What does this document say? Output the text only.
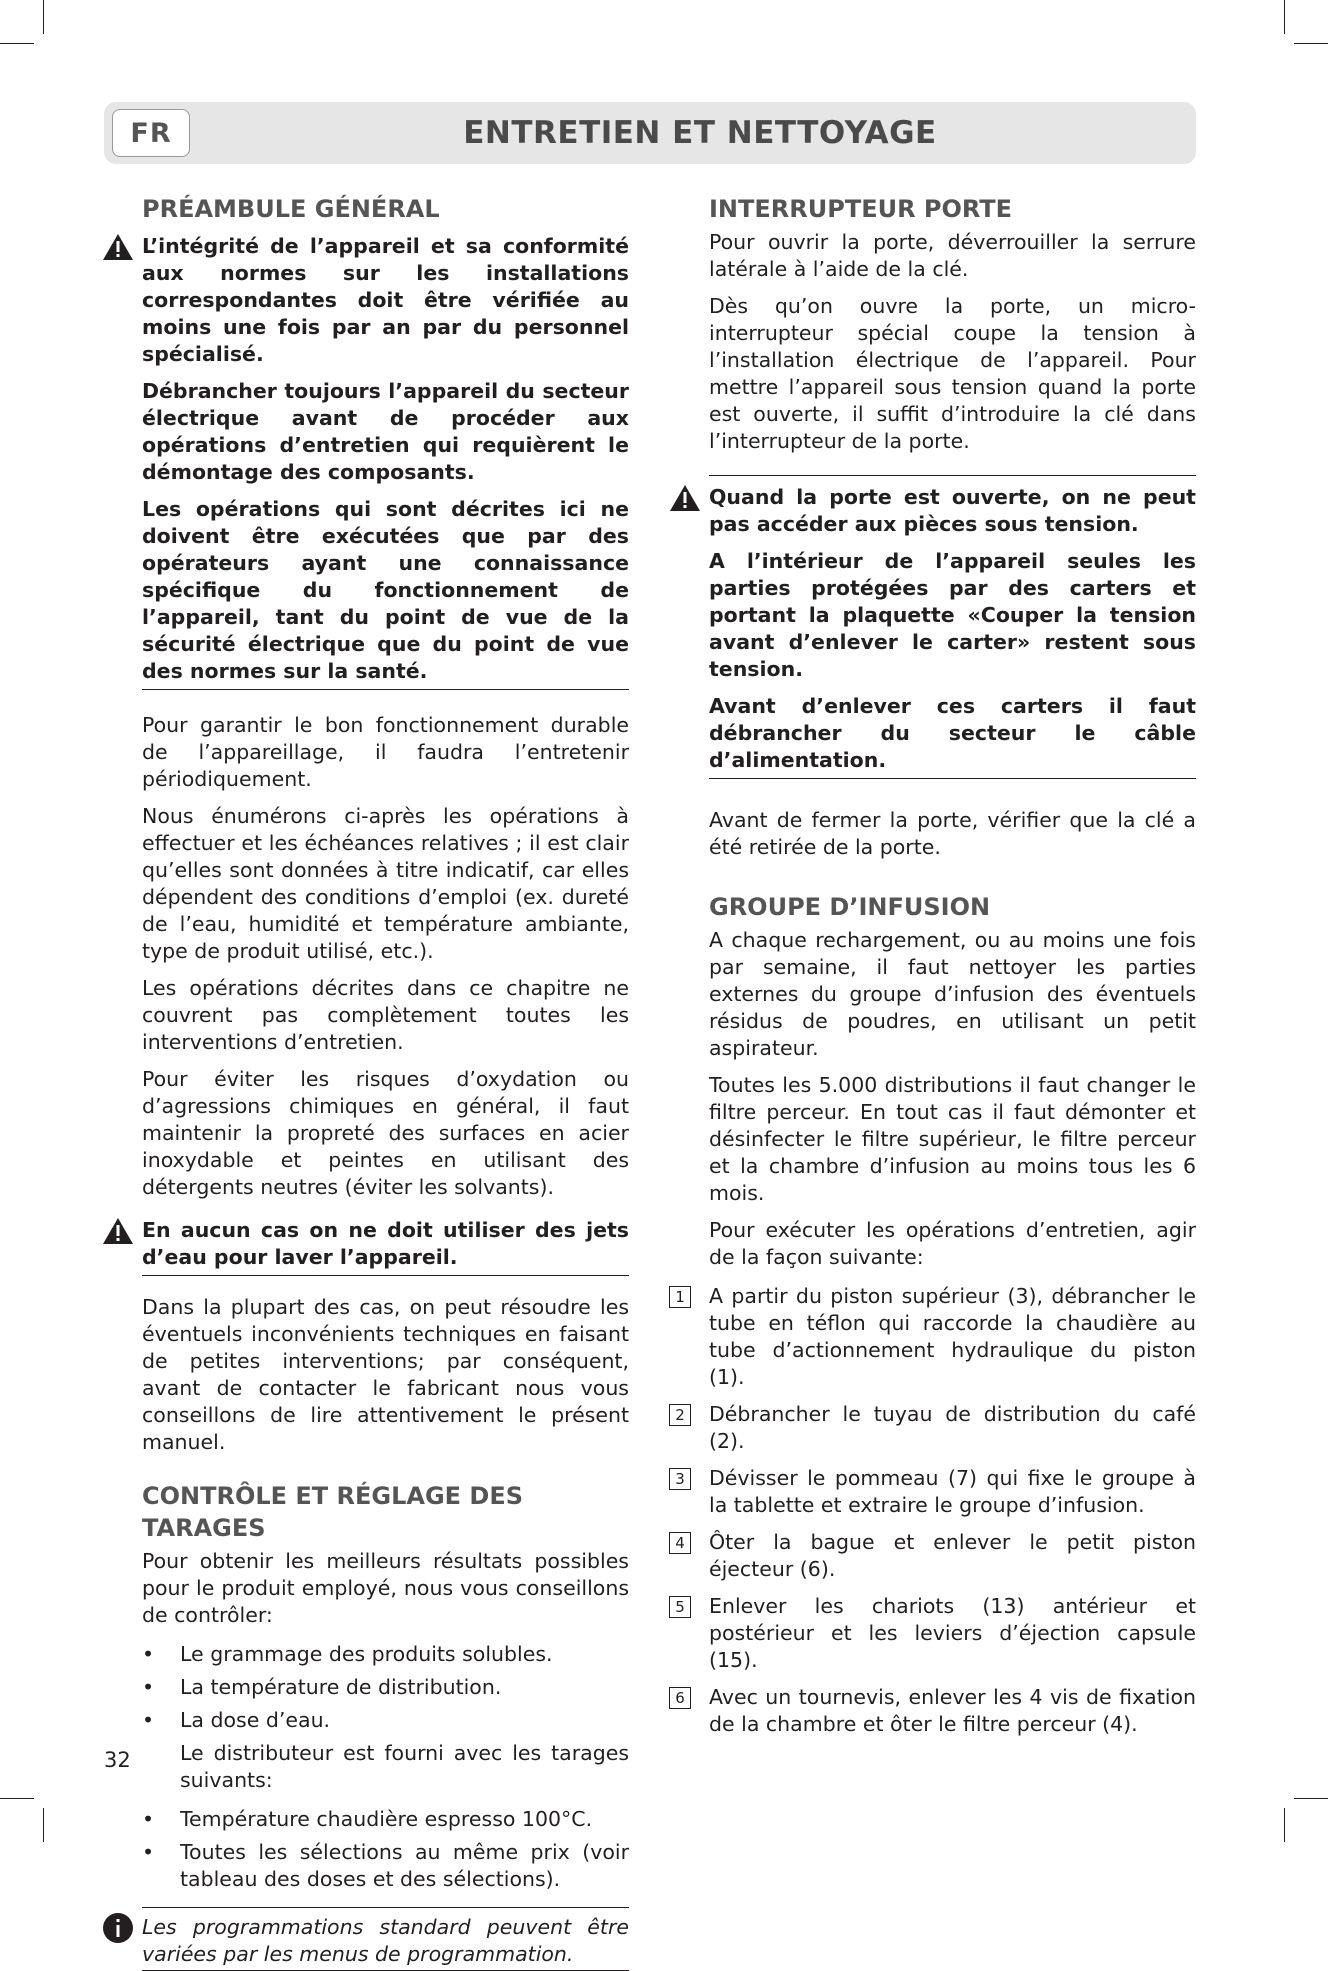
FR	ENTRETIEN ET NETTOYAGE
PRÉAMBULE GÉNÉRAL

L’intégrité de l’appareil et sa conformité aux normes sur les installations correspondantes doit être vérifiée au moins une fois par an par du personnel spécialisé.

Débrancher toujours l’appareil du secteur électrique avant de procéder aux opérations d’entretien qui requièrent le démontage des composants.

Les opérations qui sont décrites ici ne doivent être exécutées que par des opérateurs ayant une connaissance spécifique du fonctionnement de l’appareil, tant du point de vue de la sécurité électrique que du point de vue des normes sur la santé.

Pour garantir le bon fonctionnement durable de l’appareillage, il faudra l’entretenir périodiquement.

Nous énumérons ci-après les opérations à effectuer et les échéances relatives ; il est clair qu’elles sont données à titre indicatif, car elles dépendent des conditions d’emploi (ex. dureté de l’eau, humidité et température ambiante, type de produit utilisé, etc.).

Les opérations décrites dans ce chapitre ne couvrent pas complètement toutes les interventions d’entretien.

Pour éviter les risques d’oxydation ou d’agressions chimiques en général, il faut maintenir la propreté des surfaces en acier inoxydable et peintes en utilisant des détergents neutres (éviter les solvants).

En aucun cas on ne doit utiliser des jets d’eau pour laver l’appareil.

Dans la plupart des cas, on peut résoudre les éventuels inconvénients techniques en faisant de petites interventions; par conséquent, avant de contacter le fabricant nous vous conseillons de lire attentivement le présent manuel.

CONTRÔLE ET RÉGLAGE DES TARAGES

Pour obtenir les meilleurs résultats possibles pour le produit employé, nous vous conseillons de contrôler:

• Le grammage des produits solubles.
• La température de distribution.
• La dose d’eau.

Le distributeur est fourni avec les tarages suivants:

• Température chaudière espresso 100°C.
• Toutes les sélections au même prix (voir tableau des doses et des sélections).

Les programmations standard peuvent être variées par les menus de programmation.

INTERRUPTEUR PORTE

Pour ouvrir la porte, déverrouiller la serrure latérale à l’aide de la clé.

Dès qu’on ouvre la porte, un micro-interrupteur spécial coupe la tension à l’installation électrique de l’appareil. Pour mettre l’appareil sous tension quand la porte est ouverte, il suffit d’introduire la clé dans l’interrupteur de la porte.

Quand la porte est ouverte, on ne peut pas accéder aux pièces sous tension.

A l’intérieur de l’appareil seules les parties protégées par des carters et portant la plaquette «Couper la tension avant d’enlever le carter» restent sous tension.

Avant d’enlever ces carters il faut débrancher du secteur le câble d’alimentation.

Avant de fermer la porte, vérifier que la clé a été retirée de la porte.

GROUPE D’INFUSION

A chaque rechargement, ou au moins une fois par semaine, il faut nettoyer les parties externes du groupe d’infusion des éventuels résidus de poudres, en utilisant un petit aspirateur.

Toutes les 5.000 distributions il faut changer le filtre perceur. En tout cas il faut démonter et désinfecter le filtre supérieur, le filtre perceur et la chambre d’infusion au moins tous les 6 mois.

Pour exécuter les opérations d’entretien, agir de la façon suivante:

1	A partir du piston supérieur (3), débrancher le tube en téflon qui raccorde la chaudière au tube d’actionnement hydraulique du piston (1).

2	Débrancher le tuyau de distribution du café (2).

3	Dévisser le pommeau (7) qui fixe le groupe à la tablette et extraire le groupe d’infusion.

4	Ôter la bague et enlever le petit piston éjecteur (6).

5	Enlever les chariots (13) antérieur et postérieur et les leviers d’éjection capsule (15).

6	Avec un tournevis, enlever les 4 vis de fixation de la chambre et ôter le filtre perceur (4).

32
